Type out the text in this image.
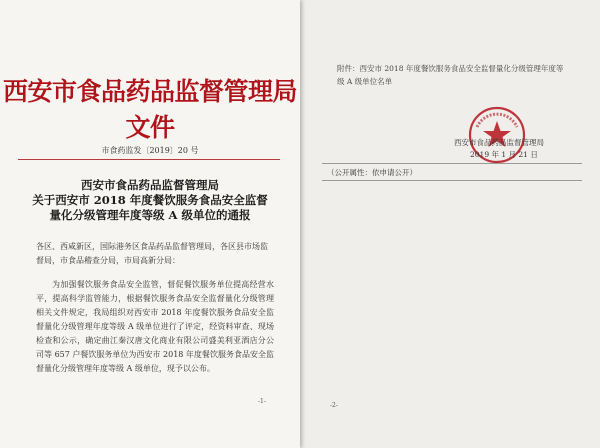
西安市食品药品监督管理局文件
市食药监发〔2019〕20 号
西安市食品药品监督管理局
关于西安市 2018 年度餐饮服务食品安全监督
量化分级管理年度等级 A 级单位的通报
各区、西咸新区，国际港务区食品药品监督管理局，各区县市场监督局，市食品稽查分局，市局高新分局：
为加强餐饮服务食品安全监管，督促餐饮服务单位提高经营水平，提高科学监管能力，根据餐饮服务食品安全监督量化分级管理相关文件规定，我局组织对西安市 2018 年度餐饮服务食品安全监督量化分级管理年度等级 A 级单位进行了评定，经资料审查、现场检查和公示，确定曲江秦汉唐文化商业有限公司盛美利亚酒店分公司等 657 户餐饮服务单位为西安市 2018 年度餐饮服务食品安全监督量化分级管理年度等级 A 级单位，现予以公布。
-1-
附件：西安市 2018 年度餐饮服务食品安全监督量化分级管理年度等级 A 级单位名单
西安市食品药品监督管理局
2019 年 1 月 21 日
（公开属性：依申请公开）
-2-
